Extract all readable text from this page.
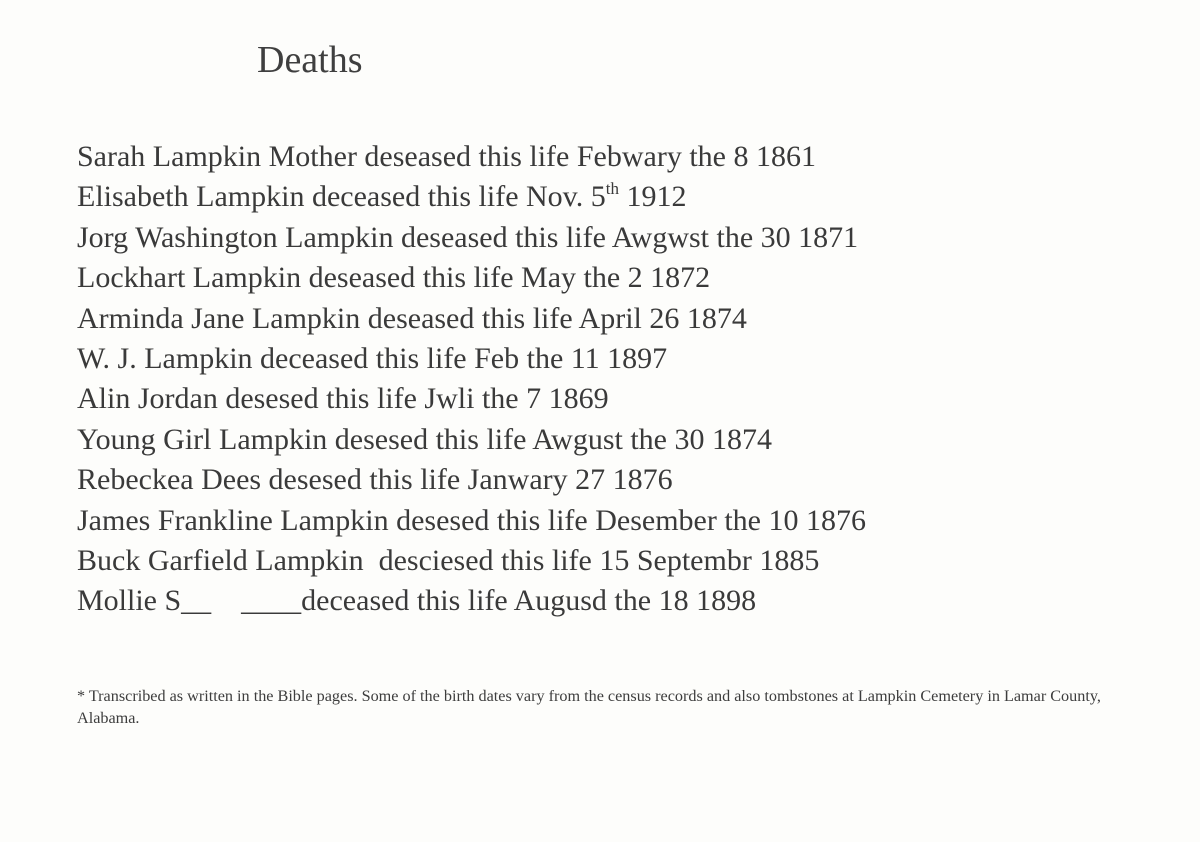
Deaths
Sarah Lampkin Mother deseased this life Febwary the 8 1861
Elisabeth Lampkin deceased this life Nov. 5th 1912
Jorg Washington Lampkin deseased this life Awgwst the 30 1871
Lockhart Lampkin deseased this life May the 2 1872
Arminda Jane Lampkin deseased this life April 26 1874
W. J. Lampkin deceased this life Feb the 11 1897
Alin Jordan desesed this life Jwli the 7 1869
Young Girl Lampkin desesed this life Awgust the 30 1874
Rebeckea Dees desesed this life Janwary 27 1876
James Frankline Lampkin desesed this life Desember the 10 1876
Buck Garfield Lampkin  desciesed this life 15 Septembr 1885
Mollie S__    ____deceased this life Augusd the 18 1898

* Transcribed as written in the Bible pages. Some of the birth dates vary from the census records and also tombstones at Lampkin Cemetery in Lamar County, Alabama.
